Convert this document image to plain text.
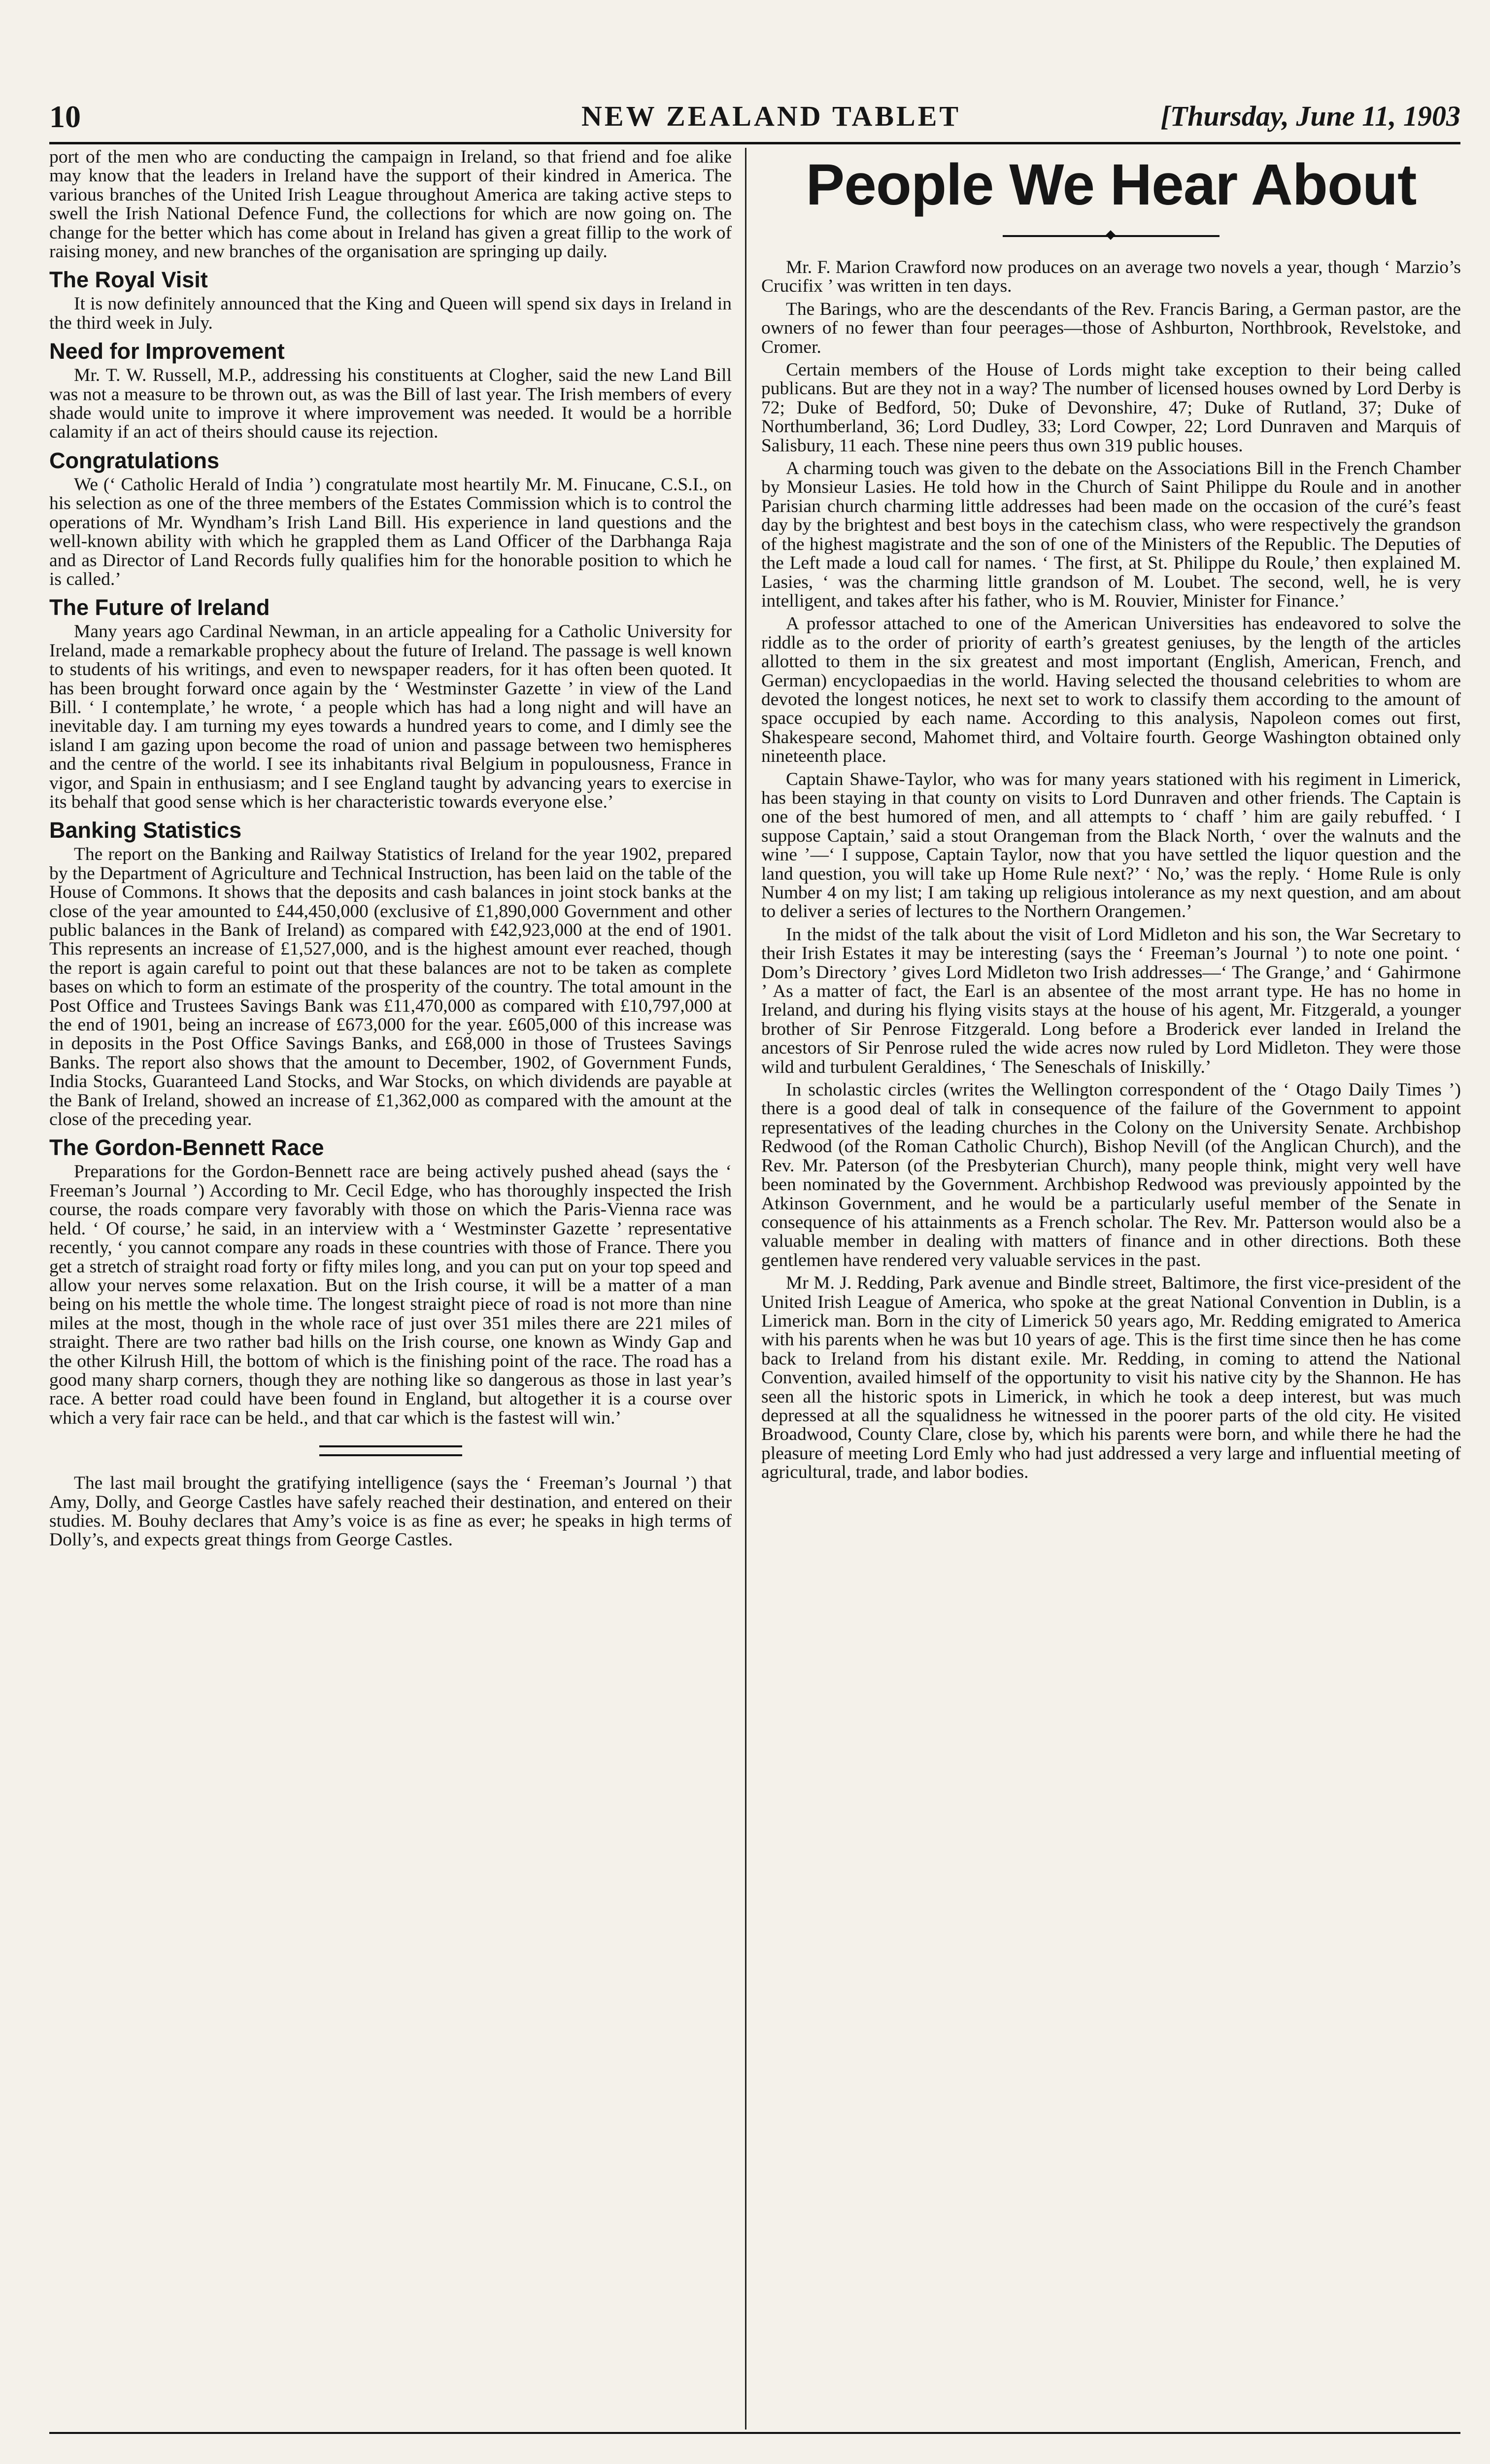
10	NEW ZEALAND TABLET	[Thursday, June 11, 1903

port of the men who are conducting the campaign in Ireland, so that friend and foe alike may know that the leaders in Ireland have the support of their kindred in America. The various branches of the United Irish League throughout America are taking active steps to swell the Irish National Defence Fund, the collections for which are now going on. The change for the better which has come about in Ireland has given a great fillip to the work of raising money, and new branches of the organisation are springing up daily.

The Royal Visit

It is now definitely announced that the King and Queen will spend six days in Ireland in the third week in July.

Need for Improvement

Mr. T. W. Russell, M.P., addressing his constituents at Clogher, said the new Land Bill was not a measure to be thrown out, as was the Bill of last year. The Irish members of every shade would unite to improve it where improvement was needed. It would be a horrible calamity if an act of theirs should cause its rejection.

Congratulations

We (‘ Catholic Herald of India ’) congratulate most heartily Mr. M. Finucane, C.S.I., on his selection as one of the three members of the Estates Commission which is to control the operations of Mr. Wyndham’s Irish Land Bill. His experience in land questions and the well-known ability with which he grappled them as Land Officer of the Darbhanga Raja and as Director of Land Records fully qualifies him for the honorable position to which he is called.’

The Future of Ireland

Many years ago Cardinal Newman, in an article appealing for a Catholic University for Ireland, made a remarkable prophecy about the future of Ireland. The passage is well known to students of his writings, and even to newspaper readers, for it has often been quoted. It has been brought forward once again by the ‘ Westminster Gazette ’ in view of the Land Bill. ‘ I contemplate,’ he wrote, ‘ a people which has had a long night and will have an inevitable day. I am turning my eyes towards a hundred years to come, and I dimly see the island I am gazing upon become the road of union and passage between two hemispheres and the centre of the world. I see its inhabitants rival Belgium in populousness, France in vigor, and Spain in enthusiasm; and I see England taught by advancing years to exercise in its behalf that good sense which is her characteristic towards everyone else.’

Banking Statistics

The report on the Banking and Railway Statistics of Ireland for the year 1902, prepared by the Department of Agriculture and Technical Instruction, has been laid on the table of the House of Commons. It shows that the deposits and cash balances in joint stock banks at the close of the year amounted to £44,450,000 (exclusive of £1,890,000 Government and other public balances in the Bank of Ireland) as compared with £42,923,000 at the end of 1901. This represents an increase of £1,527,000, and is the highest amount ever reached, though the report is again careful to point out that these balances are not to be taken as complete bases on which to form an estimate of the prosperity of the country. The total amount in the Post Office and Trustees Savings Bank was £11,470,000 as compared with £10,797,000 at the end of 1901, being an increase of £673,000 for the year. £605,000 of this increase was in deposits in the Post Office Savings Banks, and £68,000 in those of Trustees Savings Banks. The report also shows that the amount to December, 1902, of Government Funds, India Stocks, Guaranteed Land Stocks, and War Stocks, on which dividends are payable at the Bank of Ireland, showed an increase of £1,362,000 as compared with the amount at the close of the preceding year.

The Gordon-Bennett Race

Preparations for the Gordon-Bennett race are being actively pushed ahead (says the ‘ Freeman’s Journal ’) According to Mr. Cecil Edge, who has thoroughly inspected the Irish course, the roads compare very favorably with those on which the Paris-Vienna race was held. ‘ Of course,’ he said, in an interview with a ‘ Westminster Gazette ’ representative recently, ‘ you cannot compare any roads in these countries with those of France. There you get a stretch of straight road forty or fifty miles long, and you can put on your top speed and allow your nerves some relaxation. But on the Irish course, it will be a matter of a man being on his mettle the whole time. The longest straight piece of road is not more than nine miles at the most, though in the whole race of just over 351 miles there are 221 miles of straight. There are two rather bad hills on the Irish course, one known as Windy Gap and the other Kilrush Hill, the bottom of which is the finishing point of the race. The road has a good many sharp corners, though they are nothing like so dangerous as those in last year’s race. A better road could have been found in England, but altogether it is a course over which a very fair race can be held., and that car which is the fastest will win.’

The last mail brought the gratifying intelligence (says the ‘ Freeman’s Journal ’) that Amy, Dolly, and George Castles have safely reached their destination, and entered on their studies. M. Bouhy declares that Amy’s voice is as fine as ever; he speaks in high terms of Dolly’s, and expects great things from George Castles.

People We Hear About

Mr. F. Marion Crawford now produces on an average two novels a year, though ‘ Marzio’s Crucifix ’ was written in ten days.

The Barings, who are the descendants of the Rev. Francis Baring, a German pastor, are the owners of no fewer than four peerages—those of Ashburton, Northbrook, Revelstoke, and Cromer.

Certain members of the House of Lords might take exception to their being called publicans. But are they not in a way? The number of licensed houses owned by Lord Derby is 72; Duke of Bedford, 50; Duke of Devonshire, 47; Duke of Rutland, 37; Duke of Northumberland, 36; Lord Dudley, 33; Lord Cowper, 22; Lord Dunraven and Marquis of Salisbury, 11 each. These nine peers thus own 319 public houses.

A charming touch was given to the debate on the Associations Bill in the French Chamber by Monsieur Lasies. He told how in the Church of Saint Philippe du Roule and in another Parisian church charming little addresses had been made on the occasion of the curé’s feast day by the brightest and best boys in the catechism class, who were respectively the grandson of the highest magistrate and the son of one of the Ministers of the Republic. The Deputies of the Left made a loud call for names. ‘ The first, at St. Philippe du Roule,’ then explained M. Lasies, ‘ was the charming little grandson of M. Loubet. The second, well, he is very intelligent, and takes after his father, who is M. Rouvier, Minister for Finance.’

A professor attached to one of the American Universities has endeavored to solve the riddle as to the order of priority of earth’s greatest geniuses, by the length of the articles allotted to them in the six greatest and most important (English, American, French, and German) encyclopaedias in the world. Having selected the thousand celebrities to whom are devoted the longest notices, he next set to work to classify them according to the amount of space occupied by each name. According to this analysis, Napoleon comes out first, Shakespeare second, Mahomet third, and Voltaire fourth. George Washington obtained only nineteenth place.

Captain Shawe-Taylor, who was for many years stationed with his regiment in Limerick, has been staying in that county on visits to Lord Dunraven and other friends. The Captain is one of the best humored of men, and all attempts to ‘ chaff ’ him are gaily rebuffed. ‘ I suppose Captain,’ said a stout Orangeman from the Black North, ‘ over the walnuts and the wine ’—‘ I suppose, Captain Taylor, now that you have settled the liquor question and the land question, you will take up Home Rule next?’ ‘ No,’ was the reply. ‘ Home Rule is only Number 4 on my list; I am taking up religious intolerance as my next question, and am about to deliver a series of lectures to the Northern Orangemen.’

In the midst of the talk about the visit of Lord Midleton and his son, the War Secretary to their Irish Estates it may be interesting (says the ‘ Freeman’s Journal ’) to note one point. ‘ Dom’s Directory ’ gives Lord Midleton two Irish addresses—‘ The Grange,’ and ‘ Gahirmone ’ As a matter of fact, the Earl is an absentee of the most arrant type. He has no home in Ireland, and during his flying visits stays at the house of his agent, Mr. Fitzgerald, a younger brother of Sir Penrose Fitzgerald. Long before a Broderick ever landed in Ireland the ancestors of Sir Penrose ruled the wide acres now ruled by Lord Midleton. They were those wild and turbulent Geraldines, ‘ The Seneschals of Iniskilly.’

In scholastic circles (writes the Wellington correspondent of the ‘ Otago Daily Times ’) there is a good deal of talk in consequence of the failure of the Government to appoint representatives of the leading churches in the Colony on the University Senate. Archbishop Redwood (of the Roman Catholic Church), Bishop Nevill (of the Anglican Church), and the Rev. Mr. Paterson (of the Presbyterian Church), many people think, might very well have been nominated by the Government. Archbishop Redwood was previously appointed by the Atkinson Government, and he would be a particularly useful member of the Senate in consequence of his attainments as a French scholar. The Rev. Mr. Patterson would also be a valuable member in dealing with matters of finance and in other directions. Both these gentlemen have rendered very valuable services in the past.

Mr M. J. Redding, Park avenue and Bindle street, Baltimore, the first vice-president of the United Irish League of America, who spoke at the great National Convention in Dublin, is a Limerick man. Born in the city of Limerick 50 years ago, Mr. Redding emigrated to America with his parents when he was but 10 years of age. This is the first time since then he has come back to Ireland from his distant exile. Mr. Redding, in coming to attend the National Convention, availed himself of the opportunity to visit his native city by the Shannon. He has seen all the historic spots in Limerick, in which he took a deep interest, but was much depressed at all the squalidness he witnessed in the poorer parts of the old city. He visited Broadwood, County Clare, close by, which his parents were born, and while there he had the pleasure of meeting Lord Emly who had just addressed a very large and influential meeting of agricultural, trade, and labor bodies.
